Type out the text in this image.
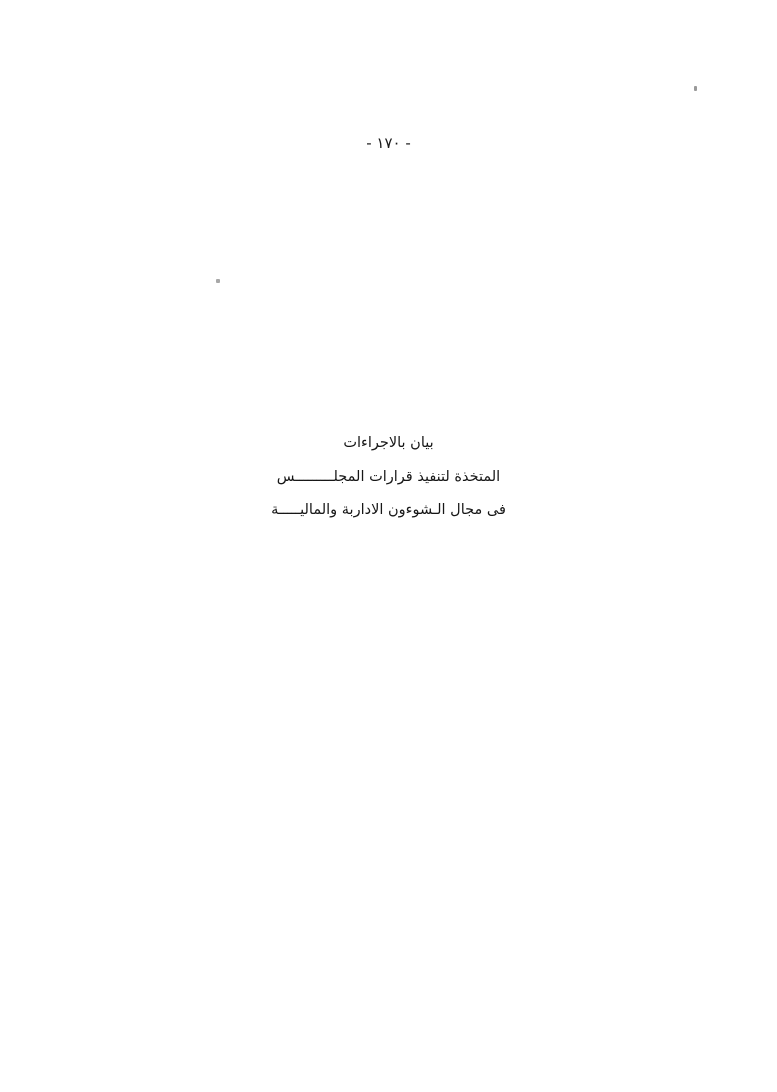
- ١٧٠ -
بيان بالاجراءات
المتخذة لتنفيذ قرارات المجلـــــــــس
فى مجال الـشوءون الاداربة والماليـــــة
